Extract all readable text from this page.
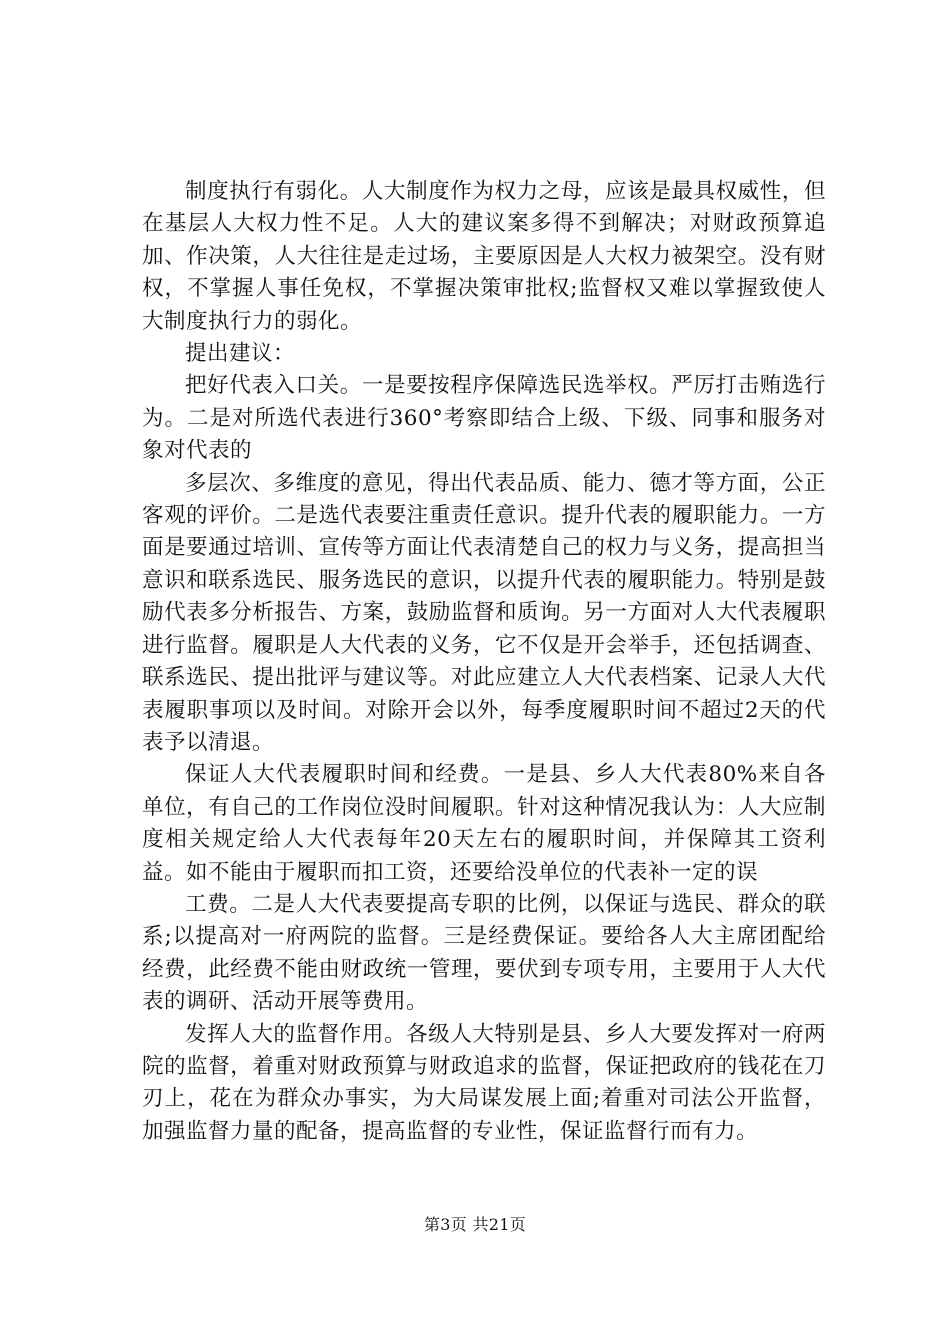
制度执行有弱化。人大制度作为权力之母，应该是最具权威性，但在基层人大权力性不足。人大的建议案多得不到解决；对财政预算追加、作决策，人大往往是走过场，主要原因是人大权力被架空。没有财权，不掌握人事任免权，不掌握决策审批权;监督权又难以掌握致使人大制度执行力的弱化。

提出建议：

把好代表入口关。一是要按程序保障选民选举权。严厉打击贿选行为。二是对所选代表进行360°考察即结合上级、下级、同事和服务对象对代表的

多层次、多维度的意见，得出代表品质、能力、德才等方面，公正客观的评价。二是选代表要注重责任意识。提升代表的履职能力。一方面是要通过培训、宣传等方面让代表清楚自己的权力与义务，提高担当意识和联系选民、服务选民的意识，以提升代表的履职能力。特别是鼓励代表多分析报告、方案，鼓励监督和质询。另一方面对人大代表履职进行监督。履职是人大代表的义务，它不仅是开会举手，还包括调查、联系选民、提出批评与建议等。对此应建立人大代表档案、记录人大代表履职事项以及时间。对除开会以外，每季度履职时间不超过2天的代表予以清退。

保证人大代表履职时间和经费。一是县、乡人大代表80%来自各单位，有自己的工作岗位没时间履职。针对这种情况我认为：人大应制度相关规定给人大代表每年20天左右的履职时间，并保障其工资利益。如不能由于履职而扣工资，还要给没单位的代表补一定的误

工费。二是人大代表要提高专职的比例，以保证与选民、群众的联系;以提高对一府两院的监督。三是经费保证。要给各人大主席团配给经费，此经费不能由财政统一管理，要伏到专项专用，主要用于人大代表的调研、活动开展等费用。

发挥人大的监督作用。各级人大特别是县、乡人大要发挥对一府两院的监督，着重对财政预算与财政追求的监督，保证把政府的钱花在刀刃上，花在为群众办事实，为大局谋发展上面;着重对司法公开监督，加强监督力量的配备，提高监督的专业性，保证监督行而有力。

第3页 共21页
